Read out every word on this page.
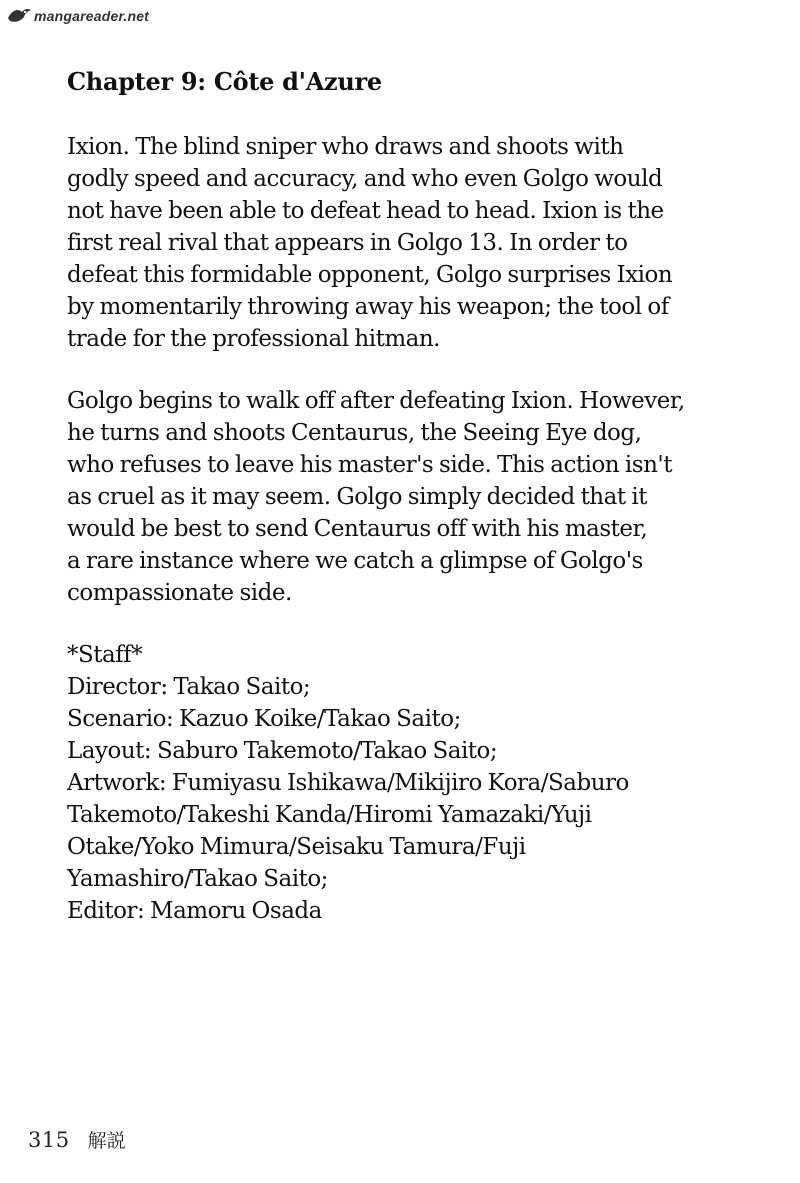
mangareader.net
Chapter 9: Côte d'Azure
Ixion. The blind sniper who draws and shoots with
godly speed and accuracy, and who even Golgo would
not have been able to defeat head to head. Ixion is the
first real rival that appears in Golgo 13. In order to
defeat this formidable opponent, Golgo surprises Ixion
by momentarily throwing away his weapon; the tool of
trade for the professional hitman.
Golgo begins to walk off after defeating Ixion. However,
he turns and shoots Centaurus, the Seeing Eye dog,
who refuses to leave his master's side. This action isn't
as cruel as it may seem. Golgo simply decided that it
would be best to send Centaurus off with his master,
a rare instance where we catch a glimpse of Golgo's
compassionate side.
*Staff*
Director: Takao Saito;
Scenario: Kazuo Koike/Takao Saito;
Layout: Saburo Takemoto/Takao Saito;
Artwork: Fumiyasu Ishikawa/Mikijiro Kora/Saburo
Takemoto/Takeshi Kanda/Hiromi Yamazaki/Yuji
Otake/Yoko Mimura/Seisaku Tamura/Fuji
Yamashiro/Takao Saito;
Editor: Mamoru Osada
315 解説
